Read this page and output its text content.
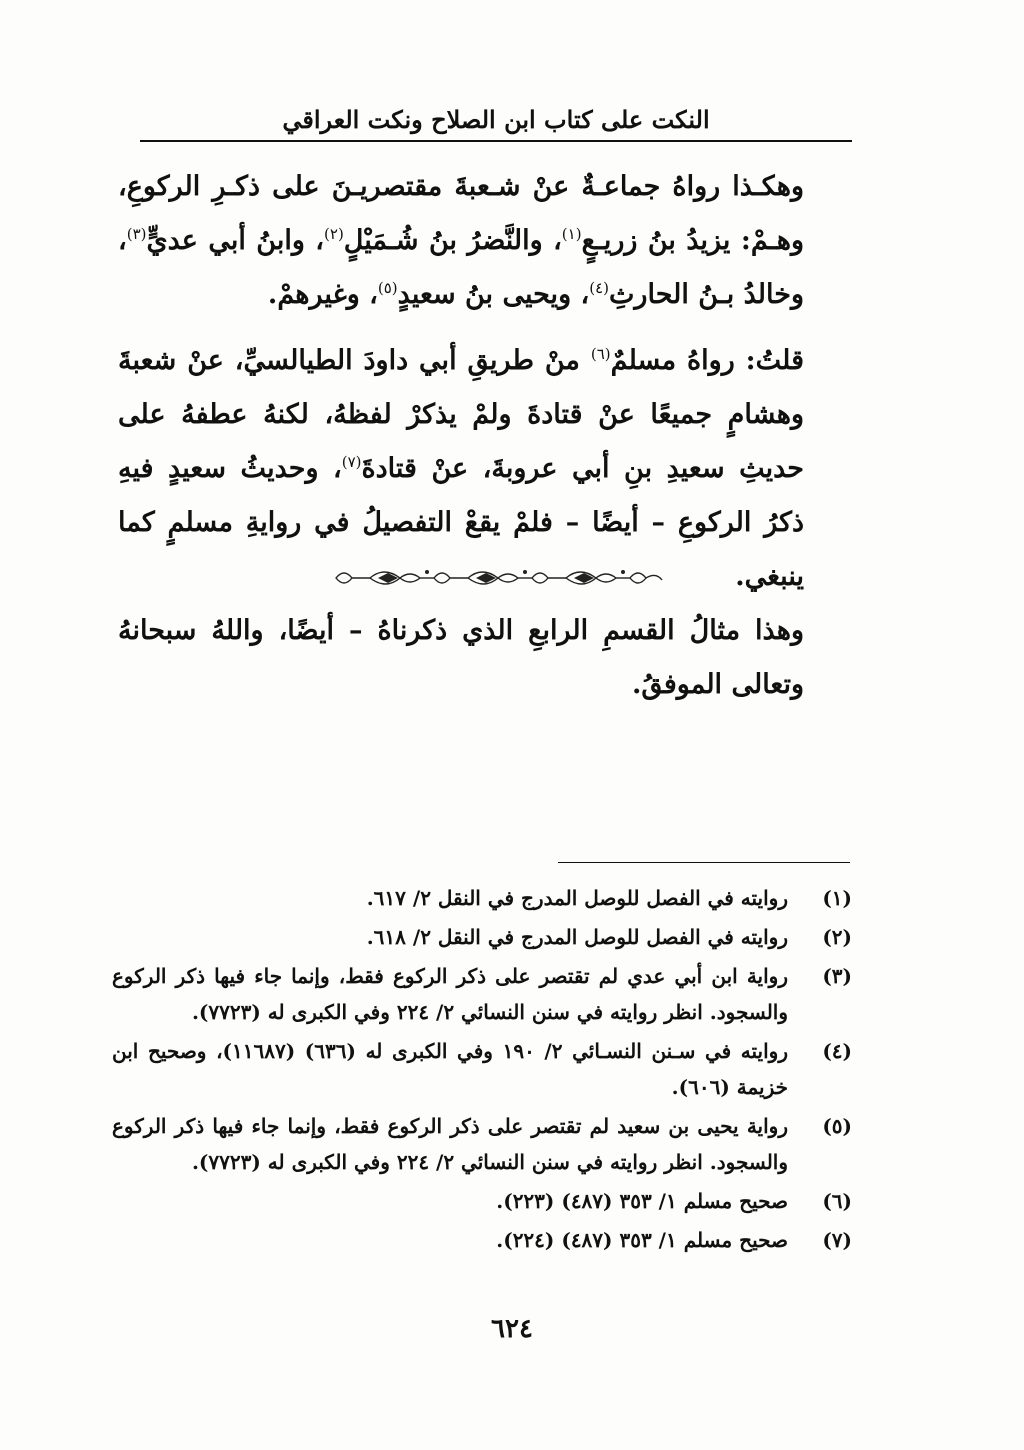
النكت على كتاب ابن الصلاح ونكت العراقي

وهكـذا رواهُ جماعـةٌ عنْ شـعبةَ مقتصريـنَ على ذكـرِ الركوعِ، وهـمْ: يزيدُ بنُ زريـعٍ$^{(١)}$، والنَّضرُ بنُ شُـمَيْلٍ$^{(٢)}$، وابنُ أبي عديٍّ$^{(٣)}$، وخالدُ بـنُ الحارثِ$^{(٤)}$، ويحيى بنُ سعيدٍ$^{(٥)}$، وغيرهمْ.

قلتُ: رواهُ مسلمٌ$^{(٦)}$ منْ طريقِ أبي داودَ الطيالسيِّ، عنْ شعبةَ وهشامٍ جميعًا عنْ قتادةَ ولمْ يذكرْ لفظهُ، لكنهُ عطفهُ على حديثِ سعيدِ بنِ أبي عروبةَ، عنْ قتادةَ$^{(٧)}$، وحديثُ سعيدٍ فيهِ ذكرُ الركوعِ – أيضًا – فلمْ يقعْ التفصيلُ في روايةِ مسلمٍ كما ينبغي.

وهذا مثالُ القسمِ الرابعِ الذي ذكرناهُ – أيضًا، واللهُ سبحانهُ وتعالى الموفقُ.

(١)
روايته في الفصل للوصل المدرج في النقل ٢/ ٦١٧.
(٢)
روايته في الفصل للوصل المدرج في النقل ٢/ ٦١٨.
(٣)
رواية ابن أبي عدي لم تقتصر على ذكر الركوع فقط، وإنما جاء فيها ذكر الركوع والسجود. انظر روايته في سنن النسائي ٢/ ٢٢٤ وفي الكبرى له (٧٧٢٣).
(٤)
روايته في سـنن النسـائي ٢/ ١٩٠ وفي الكبرى له (٦٣٦) (١١٦٨٧)، وصحيح ابن خزيمة (٦٠٦).
(٥)
رواية يحيى بن سعيد لم تقتصر على ذكر الركوع فقط، وإنما جاء فيها ذكر الركوع والسجود. انظر روايته في سنن النسائي ٢/ ٢٢٤ وفي الكبرى له (٧٧٢٣).
(٦)
صحيح مسلم ١/ ٣٥٣ (٤٨٧) (٢٢٣).
(٧)
صحيح مسلم ١/ ٣٥٣ (٤٨٧) (٢٢٤).
٦٢٤
